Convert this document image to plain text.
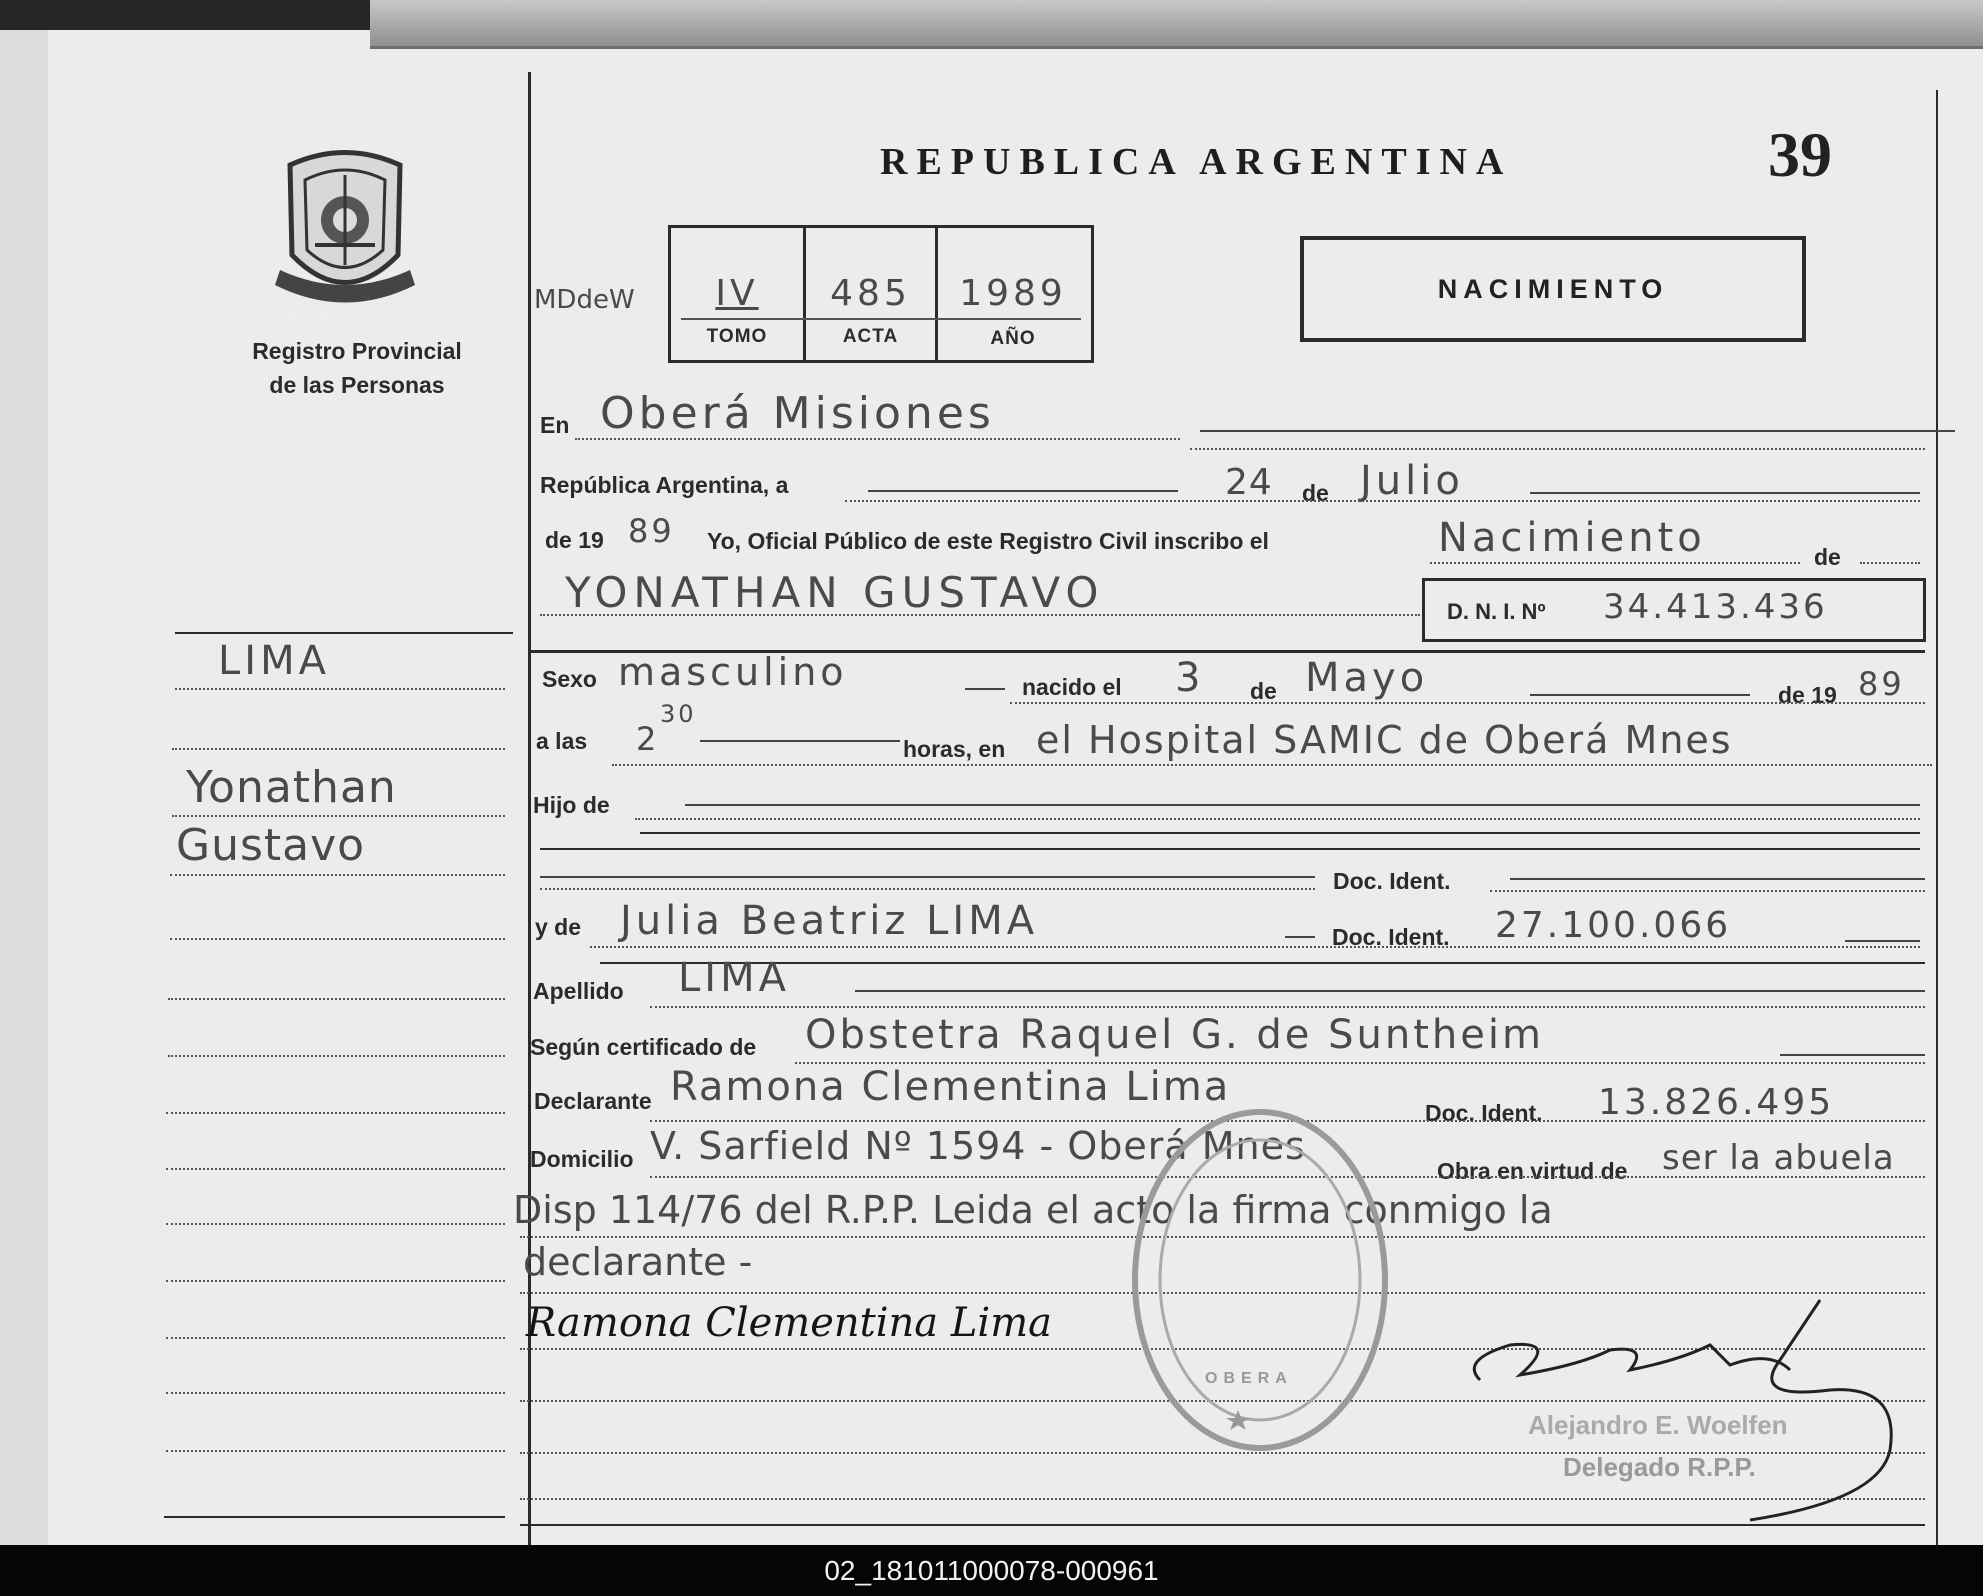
MISIONES
Registro Provincial
de las Personas
REPUBLICA ARGENTINA	39
NACIMIENTO
MDdeW	IV	485	1989
TOMO	ACTA	AÑO
LIMA
Yonathan
Gustavo
En Oberá Misiones
República Argentina, a	24 de Julio
de 19 89 Yo, Oficial Público de este Registro Civil inscribo el	Nacimiento	de
YONATHAN GUSTAVO	D. N. I. Nº 34.413.436
Sexo masculino	nacido el 3 de Mayo	de 19 89
a las 2
30
horas, en el Hospital SAMIC de Oberá Mnes
Hijo de
Doc. Ident.
y de Julia Beatriz LIMA	Doc. Ident. 27.100.066
Apellido LIMA
Según certificado de Obstetra Raquel G. de Suntheim
Declarante Ramona Clementina Lima
Doc. Ident. 13.826.495
Domicilio V. Sarfield Nº 1594 - Oberá Mnes
Obra en virtud de ser la abuela
Disp 114/76 del R.P.P. Leida el acto la firma conmigo la
declarante -
Ramona Clementina Lima
OBERA
Alejandro E. Woelfen
Delegado R.P.P.
02_181011000078-000961
